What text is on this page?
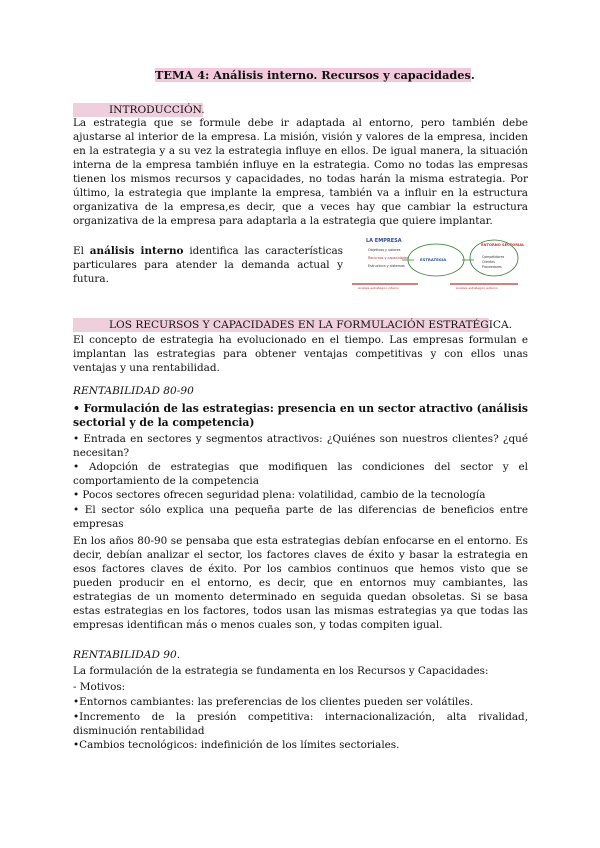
TEMA 4: Análisis interno. Recursos y capacidades.
INTRODUCCIÓN.

La estrategia que se formule debe ir adaptada al entorno, pero también debe ajustarse al interior de la empresa. La misión, visión y valores de la empresa, inciden en la estrategia y a su vez la estrategia influye en ellos. De igual manera, la situación interna de la empresa también influye en la estrategia. Como no todas las empresas tienen los mismos recursos y capacidades, no todas harán la misma estrategia. Por último, la estrategia que implante la empresa, también va a influir en la estructura organizativa de la empresa,es decir, que a veces hay que cambiar la estructura organizativa de la empresa para adaptarla a la estrategia que quiere implantar.

El análisis interno identifica las características particulares para atender la demanda actual y futura.

LA EMPRESA
Objetivos y valores
Recursos y capacidades
Estructura y sistemas
ESTRATEGIA
ENTORNO SECTORIAL
Competidores
Clientes
Proveedores
Análisis estratégico interno	Análisis estratégico externo
LOS RECURSOS Y CAPACIDADES EN LA FORMULACIÓN ESTRATÉGICA.

El concepto de estrategia ha evolucionado en el tiempo. Las empresas formulan e implantan las estrategias para obtener ventajas competitivas y con ellos unas ventajas y una rentabilidad.

RENTABILIDAD 80-90

• Formulación de las estrategias: presencia en un sector atractivo (análisis sectorial y de la competencia)

• Entrada en sectores y segmentos atractivos: ¿Quiénes son nuestros clientes? ¿qué necesitan?

• Adopción de estrategias que modifiquen las condiciones del sector y el comportamiento de la competencia

• Pocos sectores ofrecen seguridad plena: volatilidad, cambio de la tecnología

• El sector sólo explica una pequeña parte de las diferencias de beneficios entre empresas

En los años 80-90 se pensaba que esta estrategias debían enfocarse en el entorno. Es decir, debían analizar el sector, los factores claves de éxito y basar la estrategia en esos factores claves de éxito. Por los cambios continuos que hemos visto que se pueden producir en el entorno, es decir, que en entornos muy cambiantes, las estrategias de un momento determinado en seguida quedan obsoletas. Si se basa estas estrategias en los factores, todos usan las mismas estrategias ya que todas las empresas identifican más o menos cuales son, y todas compiten igual.

RENTABILIDAD 90.

La formulación de la estrategia se fundamenta en los Recursos y Capacidades:

- Motivos:

•Entornos cambiantes: las preferencias de los clientes pueden ser volátiles.

•Incremento de la presión competitiva: internacionalización, alta rivalidad, disminución rentabilidad

•Cambios tecnológicos: indefinición de los límites sectoriales.
